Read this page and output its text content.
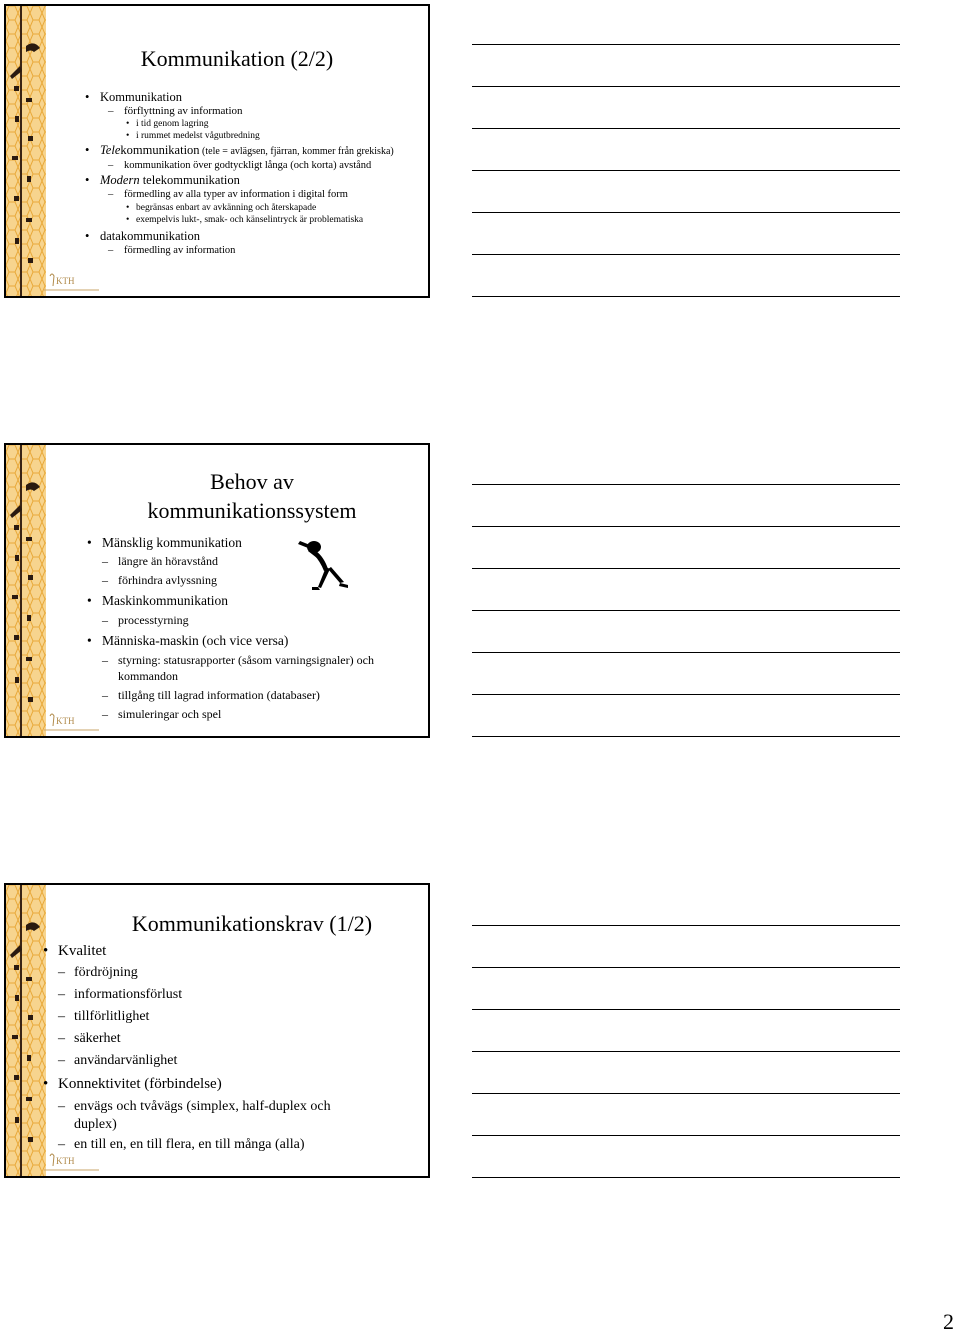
Kommunikation (2/2)
• Kommunikation
– förflyttning av information
• i tid genom lagring
• i rummet medelst vågutbredning
• Telekommunikation (tele = avlägsen, fjärran, kommer från grekiska)
– kommunikation över godtyckligt långa (och korta) avstånd
• Modern telekommunikation
– förmedling av alla typer av information i digital form
• begränsas enbart av avkänning och återskapade
• exempelvis lukt-, smak- och känselintryck är problematiska
• datakommunikation
– förmedling av information
KTH
Behov av kommunikationssystem
• Mänsklig kommunikation
– längre än höravstånd
– förhindra avlyssning
• Maskinkommunikation
– processtyrning
• Människa-maskin (och vice versa)
– styrning: statusrapporter (såsom varningsignaler) och kommandon
– tillgång till lagrad information (databaser)
– simuleringar och spel
KTH
Kommunikationskrav (1/2)
• Kvalitet
– fördröjning
– informationsförlust
– tillförlitlighet
– säkerhet
– användarvänlighet
• Konnektivitet (förbindelse)
– envägs och tvåvägs (simplex, half-duplex och duplex)
– en till en, en till flera, en till många (alla)
KTH
2
